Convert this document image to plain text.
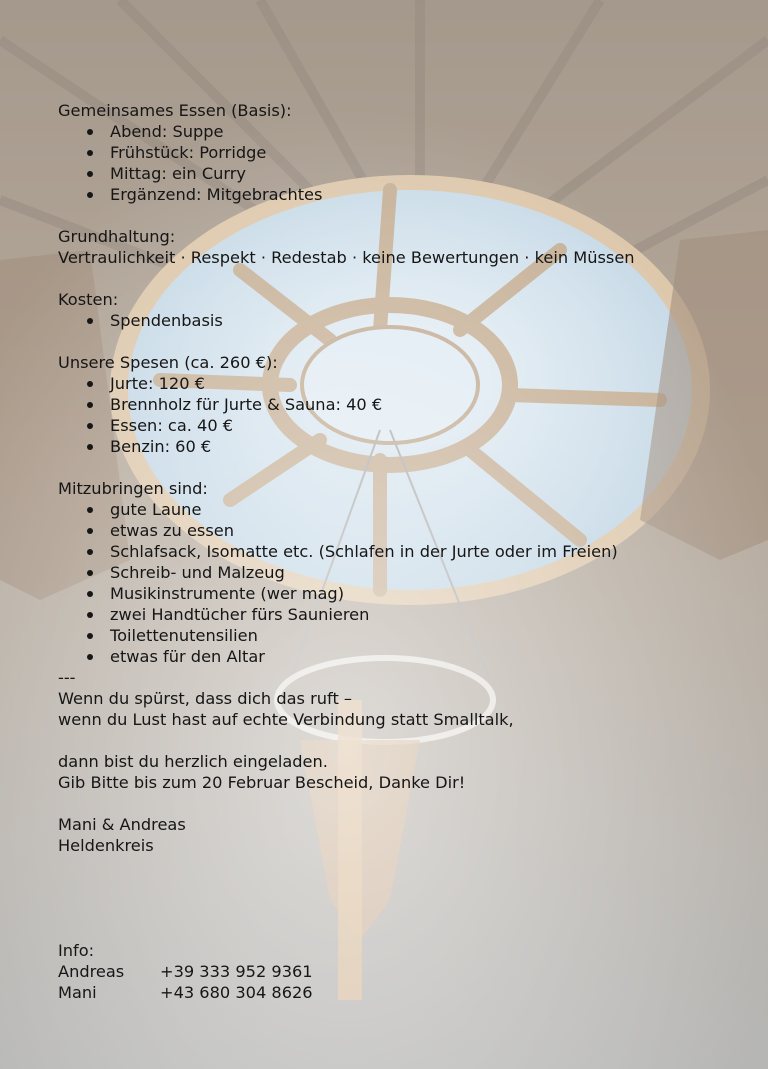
Gemeinsames Essen (Basis):
Abend: Suppe
Frühstück: Porridge
Mittag: ein Curry
Ergänzend: Mitgebrachtes
Grundhaltung:
Vertraulichkeit · Respekt · Redestab · keine Bewertungen · kein Müssen
Kosten:
Spendenbasis
Unsere Spesen (ca. 260 €):
Jurte: 120 €
Brennholz für Jurte & Sauna: 40 €
Essen: ca. 40 €
Benzin: 60 €
Mitzubringen sind:
gute Laune
etwas zu essen
Schlafsack, Isomatte etc. (Schlafen in der Jurte oder im Freien)
Schreib- und Malzeug
Musikinstrumente (wer mag)
zwei Handtücher fürs Saunieren
Toilettenutensilien
etwas für den Altar
---
Wenn du spürst, dass dich das ruft –
wenn du Lust hast auf echte Verbindung statt Smalltalk,
dann bist du herzlich eingeladen.
Gib Bitte bis zum 20 Februar Bescheid, Danke Dir!
Mani & Andreas
Heldenkreis
Info:
Andreas	+39 333 952 9361
Mani	+43 680 304 8626
